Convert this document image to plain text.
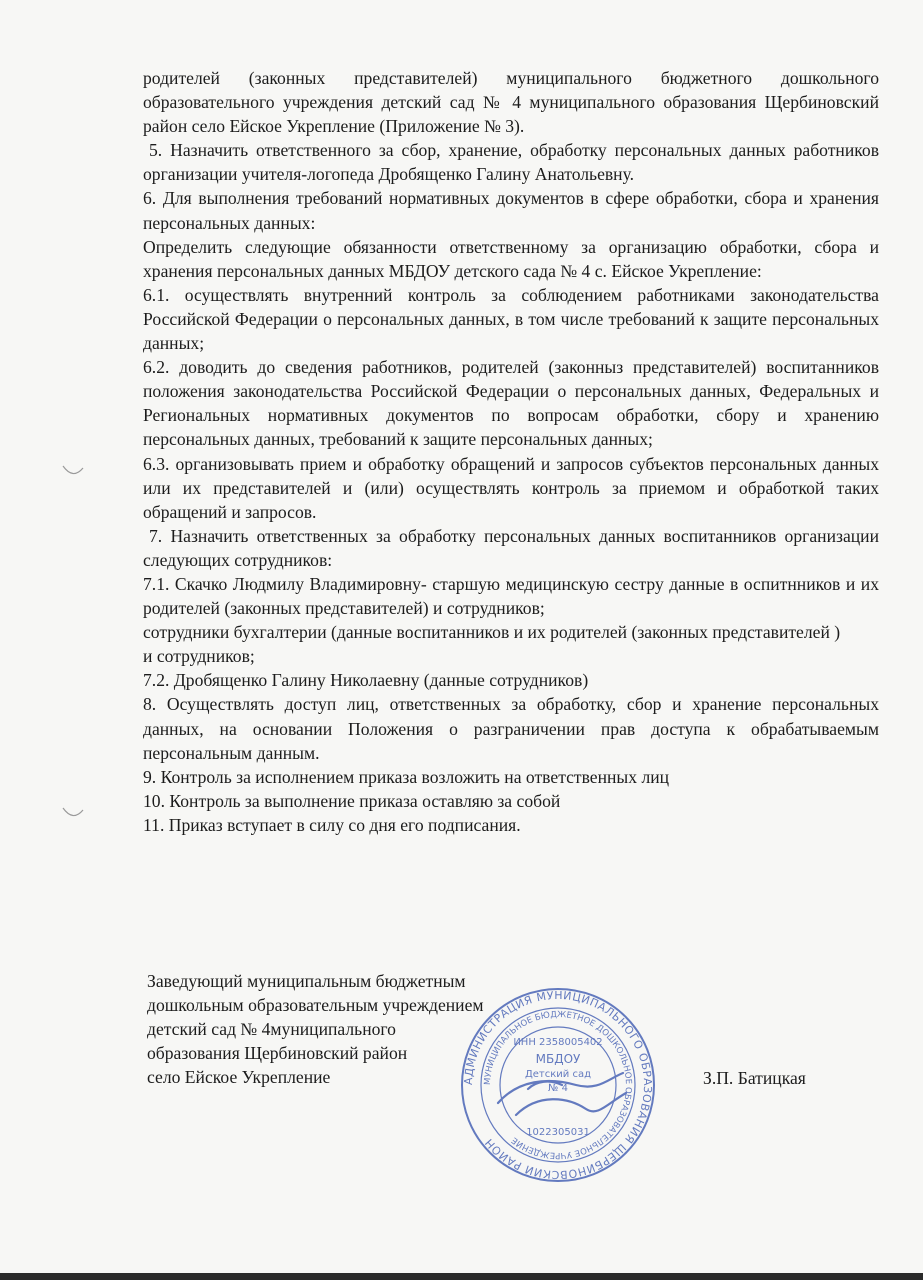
родителей (законных представителей) муниципального бюджетного дошкольного образовательного учреждения детский сад № 4 муниципального образования Щербиновский район село Ейское Укрепление (Приложение № 3).

5. Назначить ответственного за сбор, хранение, обработку персональных данных работников организации учителя-логопеда Дробященко Галину Анатольевну.

6. Для выполнения требований нормативных документов в сфере обработки, сбора и хранения персональных данных:

Определить следующие обязанности ответственному за организацию обработки, сбора и хранения персональных данных МБДОУ детского сада № 4 с. Ейское Укрепление:

6.1. осуществлять внутренний контроль за соблюдением работниками законодательства Российской Федерации о персональных данных, в том числе требований к защите персональных данных;

6.2. доводить до сведения работников, родителей (законныз представителей) воспитанников положения законодательства Российской Федерации о персональных данных, Федеральных и Региональных нормативных документов по вопросам обработки, сбору и хранению персональных данных, требований к защите персональных данных;

6.3. организовывать прием и обработку обращений и запросов субъектов персональных данных или их представителей и (или) осуществлять контроль за приемом и обработкой таких обращений и запросов.

7. Назначить ответственных за обработку персональных данных воспитанников организации следующих сотрудников:

7.1. Скачко Людмилу Владимировну- старшую медицинскую сестру данные в оспитнников и их родителей (законных представителей) и сотрудников;

сотрудники бухгалтерии (данные воспитанников и их родителей (законных представителей ) и сотрудников;

7.2. Дробященко Галину Николаевну (данные сотрудников)

8. Осуществлять доступ лиц, ответственных за обработку, сбор и хранение персональных данных, на основании Положения о разграничении прав доступа к обрабатываемым персональным данным.

9. Контроль за исполнением приказа возложить на ответственных лиц

10. Контроль за выполнение приказа оставляю за собой

11. Приказ вступает в силу со дня его подписания.

Заведующий муниципальным бюджетным

дошкольным образовательным учреждением

детский сад № 4муниципального

образования Щербиновский район

село Ейское Укрепление	З.П. Батицкая
АДМИНИСТРАЦИЯ МУНИЦИПАЛЬНОГО ОБРАЗОВАНИЯ ЩЕРБИНОВСКИЙ РАЙОН
МУНИЦИПАЛЬНОЕ БЮДЖЕТНОЕ ДОШКОЛЬНОЕ ОБРАЗОВАТЕЛЬНОЕ УЧРЕЖДЕНИЕ
ИНН 2358005402
МБДОУ
Детский сад
№ 4
1022305031
